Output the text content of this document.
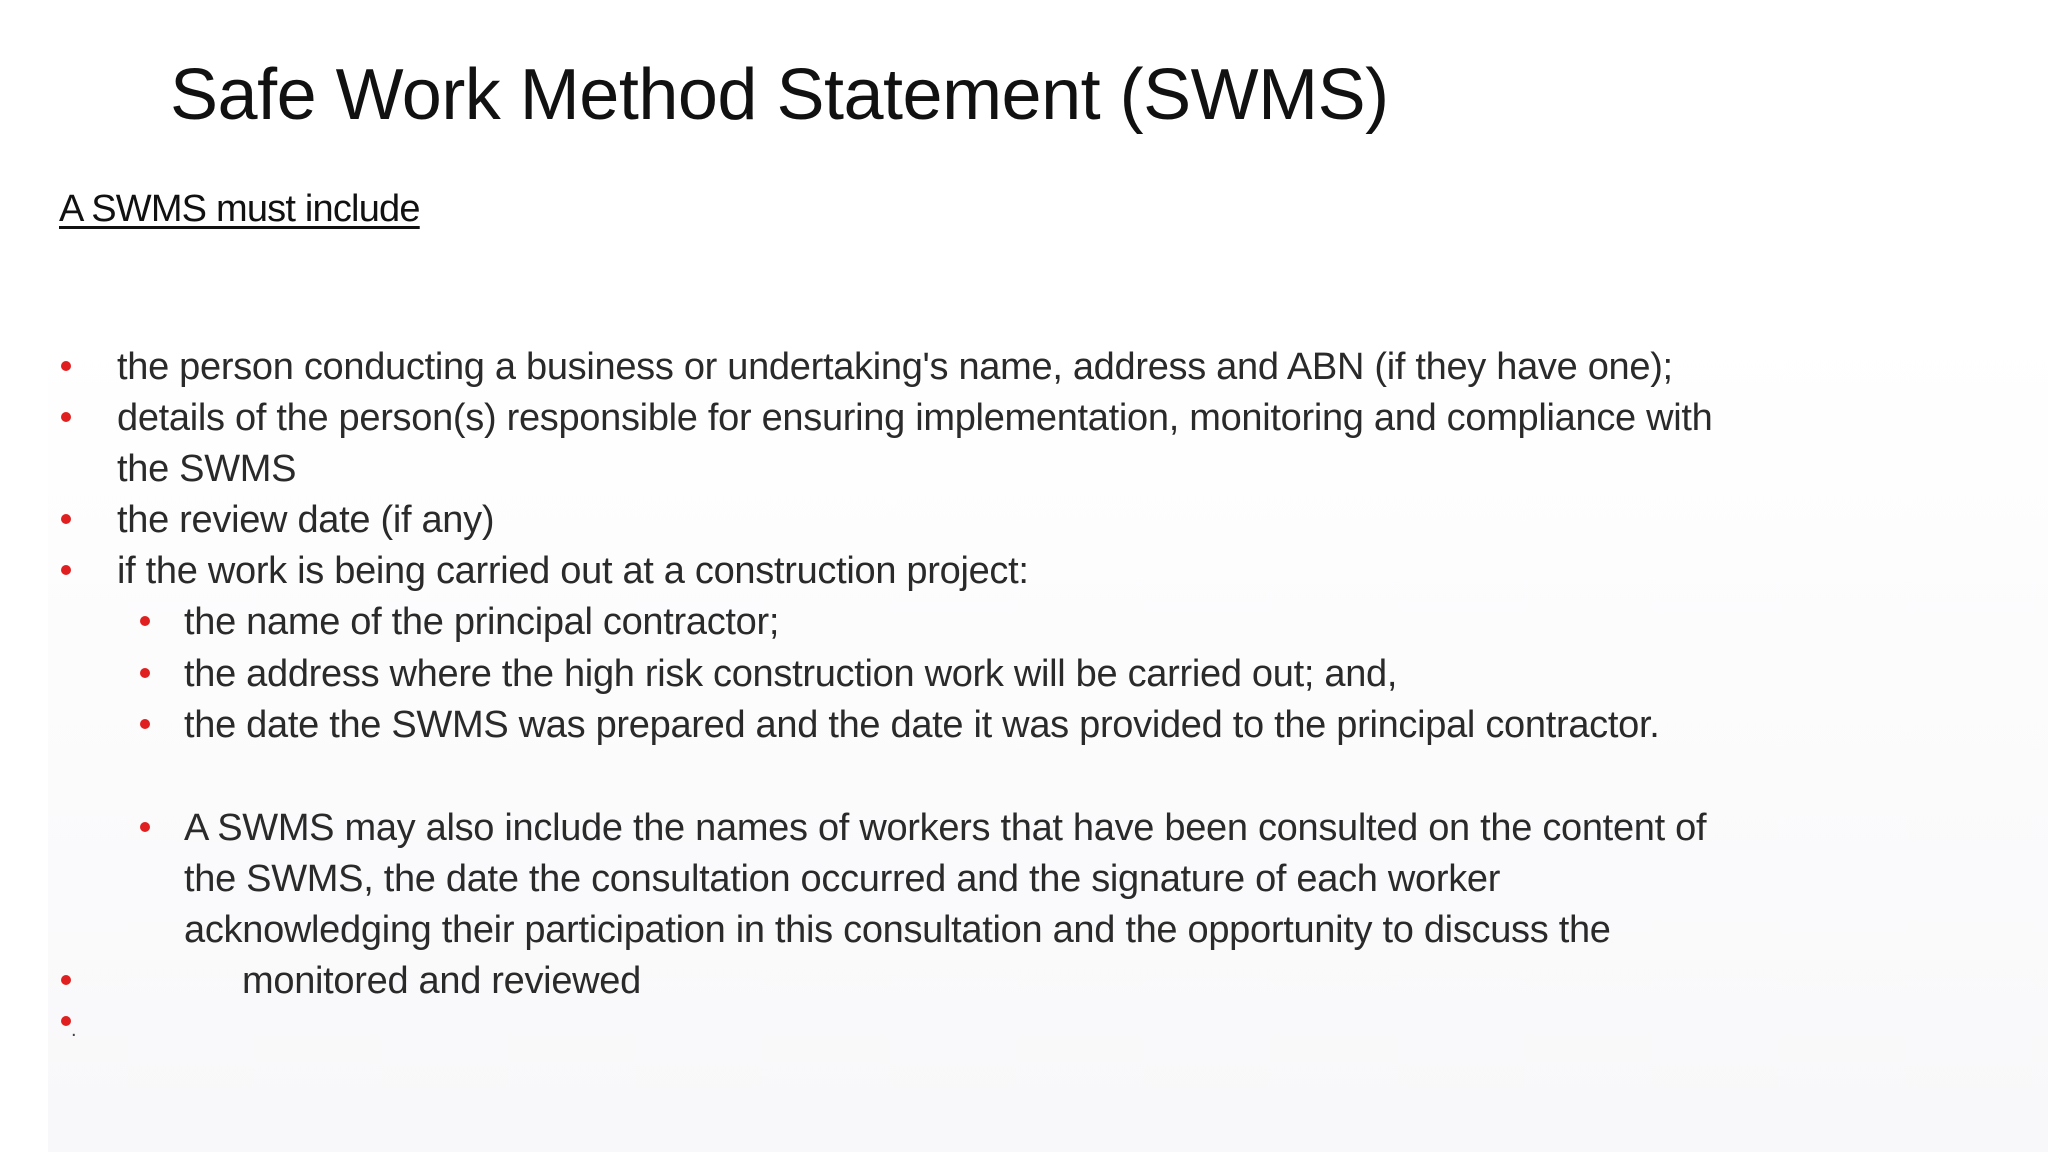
Safe Work Method Statement (SWMS)
A SWMS must include
the person conducting a business or undertaking's name, address and ABN (if they have one);
details of the person(s) responsible for ensuring implementation, monitoring and compliance with
the SWMS
the review date (if any)
if the work is being carried out at a construction project:
the name of the principal contractor;
the address where the high risk construction work will be carried out; and,
the date the SWMS was prepared and the date it was provided to the principal contractor.
A SWMS may also include the names of workers that have been consulted on the content of
the SWMS, the date the consultation occurred and the signature of each worker
acknowledging their participation in this consultation and the opportunity to discuss the
monitored and reviewed
.
